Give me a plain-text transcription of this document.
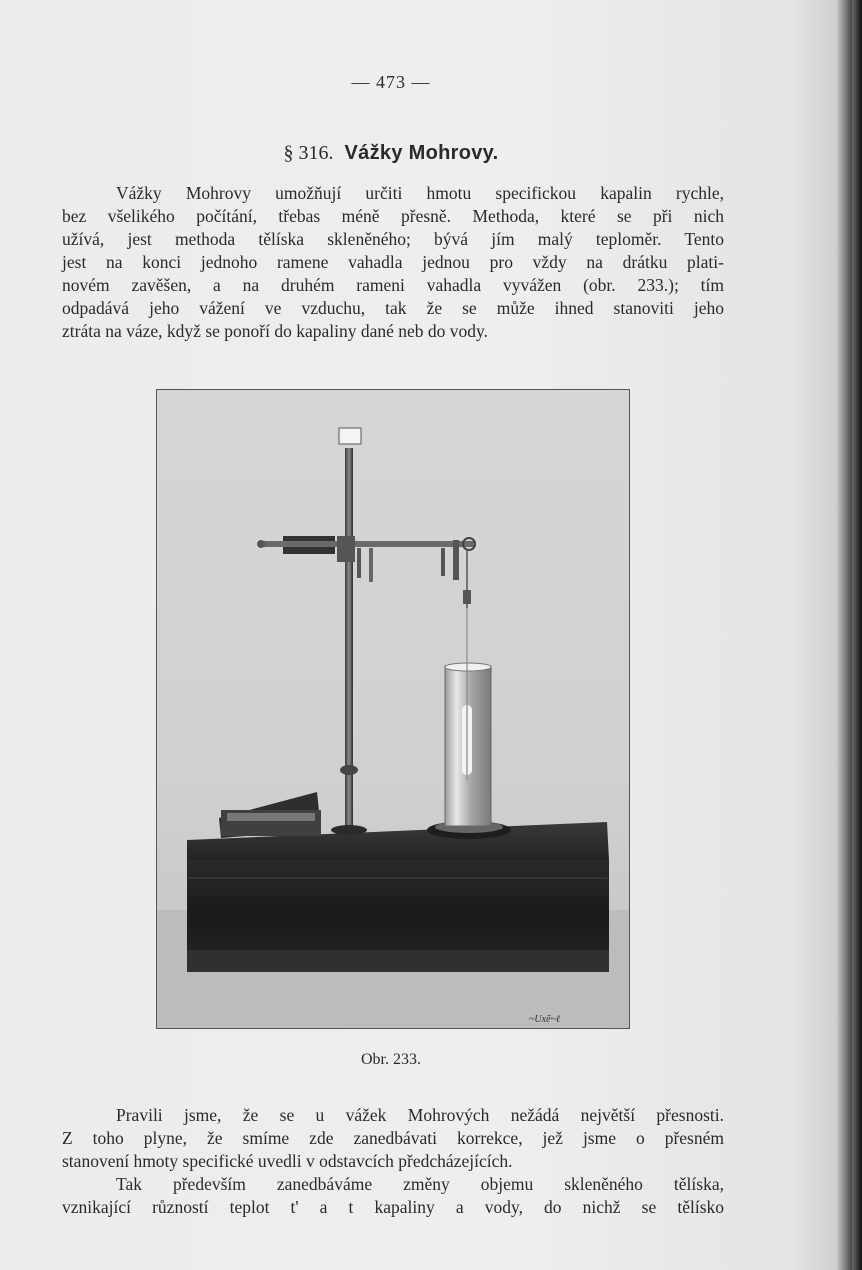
— 473 —
§ 316. Vážky Mohrovy.
Vážky Mohrovy umožňují určiti hmotu specifickou kapalin rychle,
bez všelikého počítání, třebas méně přesně. Methoda, které se při nich
užívá, jest methoda tělíska skleněného; bývá jím malý teploměr. Tento
jest na konci jednoho ramene vahadla jednou pro vždy na drátku plati-
novém zavěšen, a na druhém rameni vahadla vyvážen (obr. 233.); tím
odpadává jeho vážení ve vzduchu, tak že se může ihned stanoviti jeho
ztráta na váze, když se ponoří do kapaliny dané neb do vody.
~Uxẽ~ℓ
Obr. 233.
Pravili jsme, že se u vážek Mohrových nežádá největší přesnosti.
Z toho plyne, že smíme zde zanedbávati korrekce, jež jsme o přesném
stanovení hmoty specifické uvedli v odstavcích předcházejících.
Tak především zanedbáváme změny objemu skleněného tělíska,
vznikající růzností teplot t' a t kapaliny a vody, do nichž se tělísko
